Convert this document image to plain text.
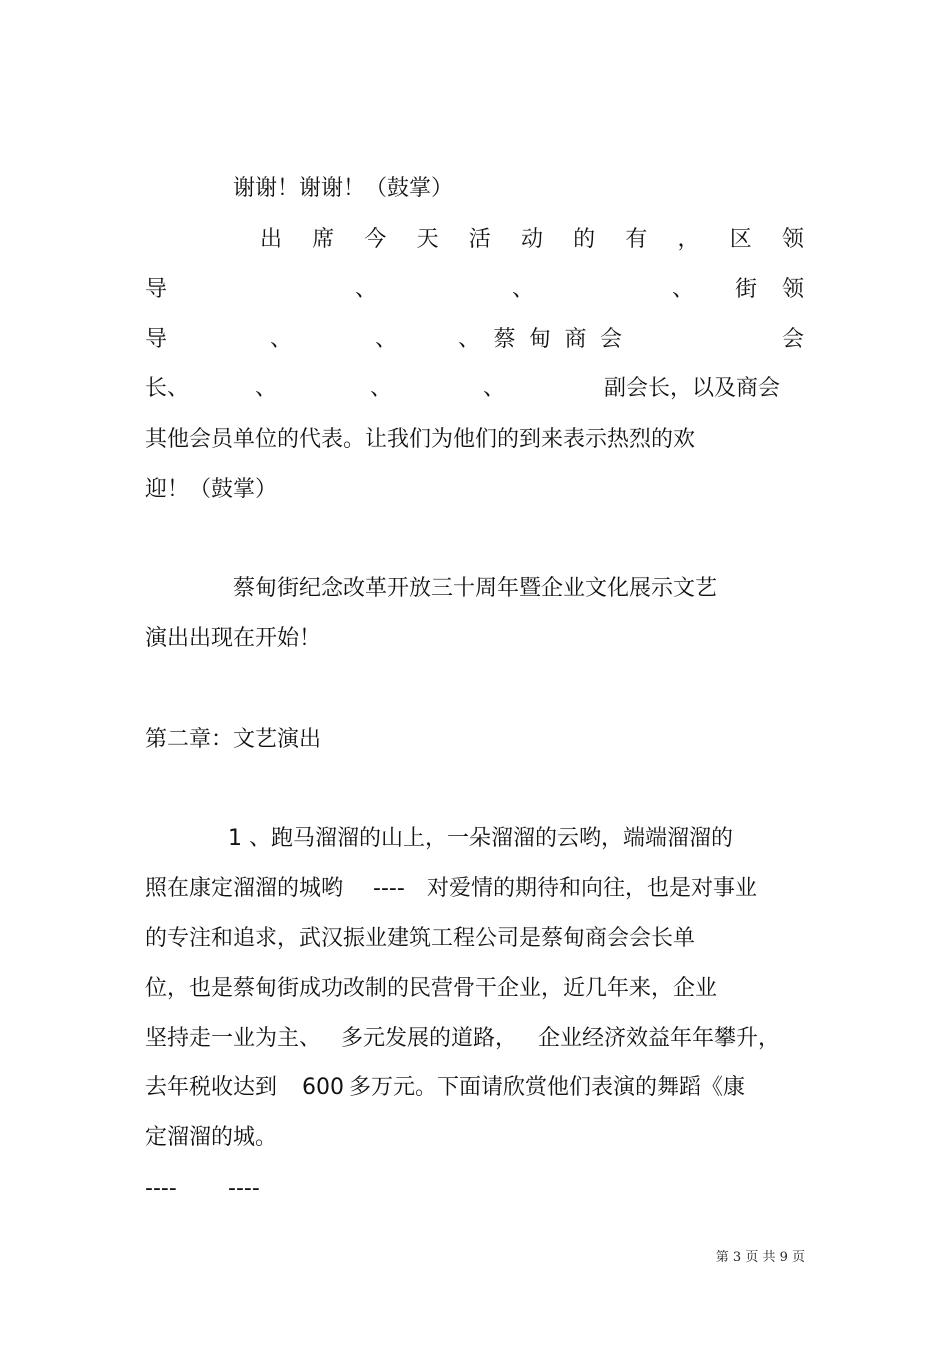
谢谢！谢谢！（鼓掌）

出 席 今 天 活 动 的 有 ， 区 领
导	、	、	、 街 领
导	、	、	、 蔡 甸 商 会	会
长、	、	、	、	副会长，以及商会

其他会员单位的代表。让我们为他们的到来表示热烈的欢

迎！（鼓掌）

蔡甸街纪念改革开放三十周年暨企业文化展示文艺

演出出现在开始！

第二章：文艺演出

1 、跑马溜溜的山上，一朵溜溜的云哟，端端溜溜的

照在康定溜溜的城哟 ---- 对爱情的期待和向往，也是对事业

的专注和追求，武汉振业建筑工程公司是蔡甸商会会长单

位，也是蔡甸街成功改制的民营骨干企业，近几年来，企业

坚持走一业为主、 多元发展的道路， 企业经济效益年年攀升，
去年税收达到 600 多万元。下面请欣赏他们表演的舞蹈《康

定溜溜的城。

---- ----
第 3 页 共 9 页
